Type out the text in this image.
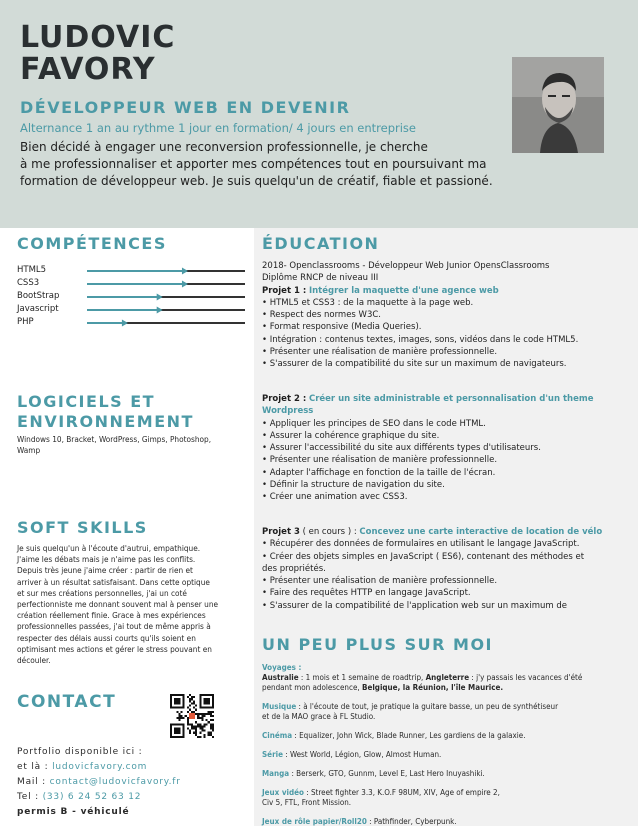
LUDOVIC
FAVORY
DÉVELOPPEUR WEB EN DEVENIR
Alternance 1 an au rythme 1 jour en formation/ 4 jours en entreprise
Bien décidé à engager une reconversion professionnelle, je cherche
à me professionnaliser et apporter mes compétences tout en poursuivant ma
formation de développeur web. Je suis quelqu'un de créatif, fiable et passioné.
COMPÉTENCES
HTML5
CSS3
BootStrap
Javascript
PHP
LOGICIELS ET
ENVIRONNEMENT
Windows 10, Bracket, WordPress, Gimps, Photoshop,
Wamp
SOFT SKILLS
Je suis quelqu'un à l'écoute d'autrui, empathique.
J'aime les débats mais je n'aime pas les conflits.
Depuis très jeune j'aime créer : partir de rien et
arriver à un résultat satisfaisant. Dans cette optique
et sur mes créations personnelles, j'ai un coté
perfectionniste me donnant souvent mal à penser une
création réellement finie. Grace à mes expériences
professionnelles passées, j'ai tout de même appris à
respecter des délais aussi courts qu'ils soient en
optimisant mes actions et gérer le stress pouvant en
découler.
CONTACT
Portfolio disponible ici :
et là : ludovicfavory.com
Mail : contact@ludovicfavory.fr
Tel : (33) 6 24 52 63 12
permis B - véhiculé
ÉDUCATION
2018- Openclassrooms - Développeur Web Junior OpensClassrooms
Diplôme RNCP de niveau III
Projet 1 : Intégrer la maquette d'une agence web
• HTML5 et CSS3 : de la maquette à la page web.
• Respect des normes W3C.
• Format responsive (Media Queries).
• Intégration : contenus textes, images, sons, vidéos dans le code HTML5.
• Présenter une réalisation de manière professionnelle.
• S'assurer de la compatibilité du site sur un maximum de navigateurs.
Projet 2 : Créer un site administrable et personnalisation d'un theme
Wordpress
• Appliquer les principes de SEO dans le code HTML.
• Assurer la cohérence graphique du site.
• Assurer l'accessibilité du site aux différents types d'utilisateurs.
• Présenter une réalisation de manière professionnelle.
• Adapter l'affichage en fonction de la taille de l'écran.
• Définir la structure de navigation du site.
• Créer une animation avec CSS3.
Projet 3 ( en cours ) : Concevez une carte interactive de location de vélo
• Récupérer des données de formulaires en utilisant le langage JavaScript.
• Créer des objets simples en JavaScript ( ES6), contenant des méthodes et
des propriétés.
• Présenter une réalisation de manière professionnelle.
• Faire des requêtes HTTP en langage JavaScript.
• S'assurer de la compatibilité de l'application web sur un maximum de
UN PEU PLUS SUR MOI
Voyages :
Australie : 1 mois et 1 semaine de roadtrip, Angleterre : j'y passais les vacances d'été
pendant mon adolescence, Belgique, la Réunion, l'île Maurice.
Musique : à l'écoute de tout, je pratique la guitare basse, un peu de synthétiseur
et de la MAO grace à FL Studio.
Cinéma : Equalizer, John Wick, Blade Runner, Les gardiens de la galaxie.
Série : West World, Légion, Glow, Almost Human.
Manga : Berserk, GTO, Gunnm, Level E, Last Hero Inuyashiki.
Jeux vidéo : Street fighter 3.3, K.O.F 98UM, XIV, Age of empire 2,
Civ 5, FTL, Front Mission.
Jeux de rôle papier/Roll20 : Pathfinder, Cyberpunk.
